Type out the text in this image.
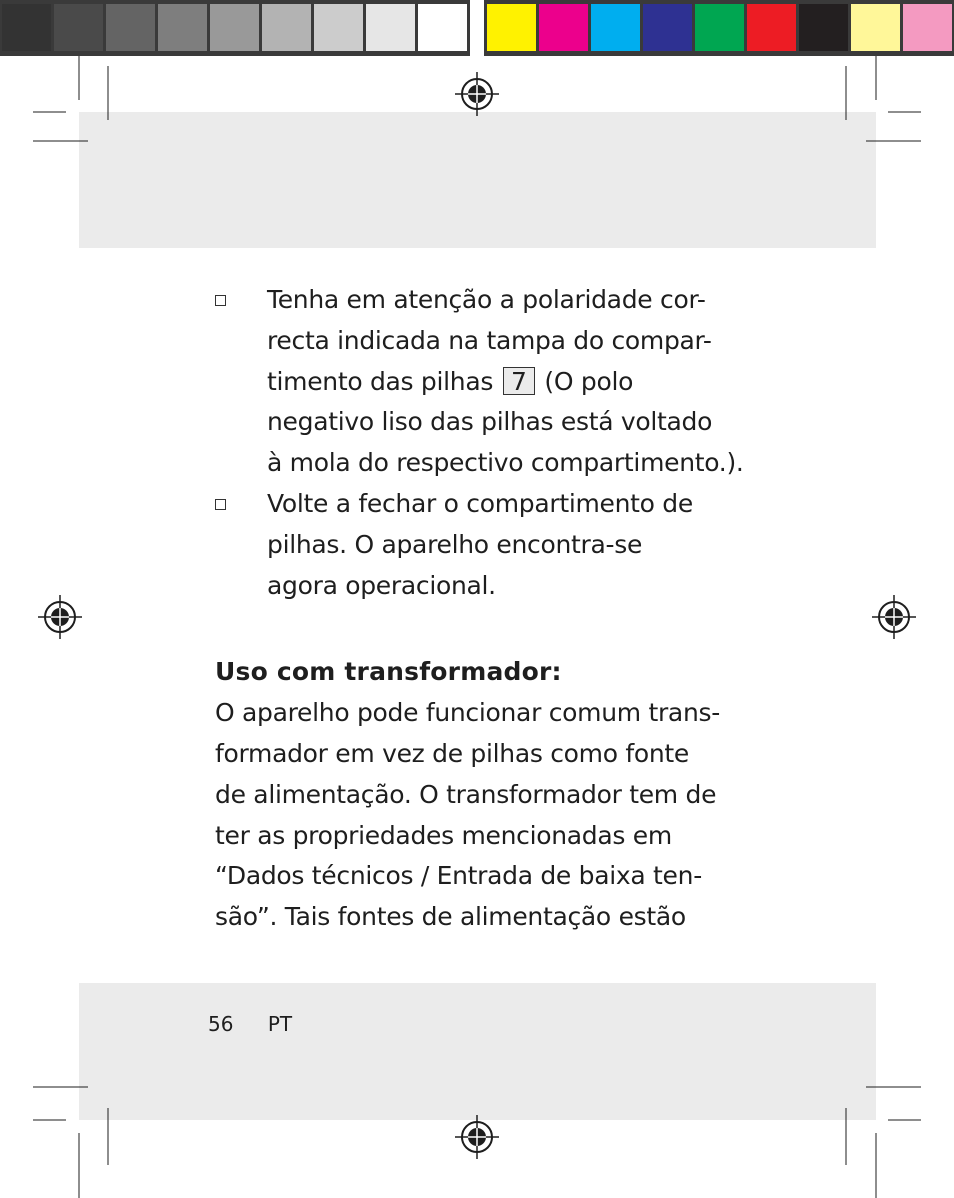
Tenha em atenção a polaridade cor-
recta indicada na tampa do compar-
timento das pilhas 7 (O polo
negativo liso das pilhas está voltado
à mola do respectivo compartimento.).
Volte a fechar o compartimento de
pilhas. O aparelho encontra-se
agora operacional.
Uso com transformador:
O aparelho pode funcionar comum trans-
formador em vez de pilhas como fonte
de alimentação. O transformador tem de
ter as propriedades mencionadas em
“Dados técnicos / Entrada de baixa ten-
são”. Tais fontes de alimentação estão
56 PT
